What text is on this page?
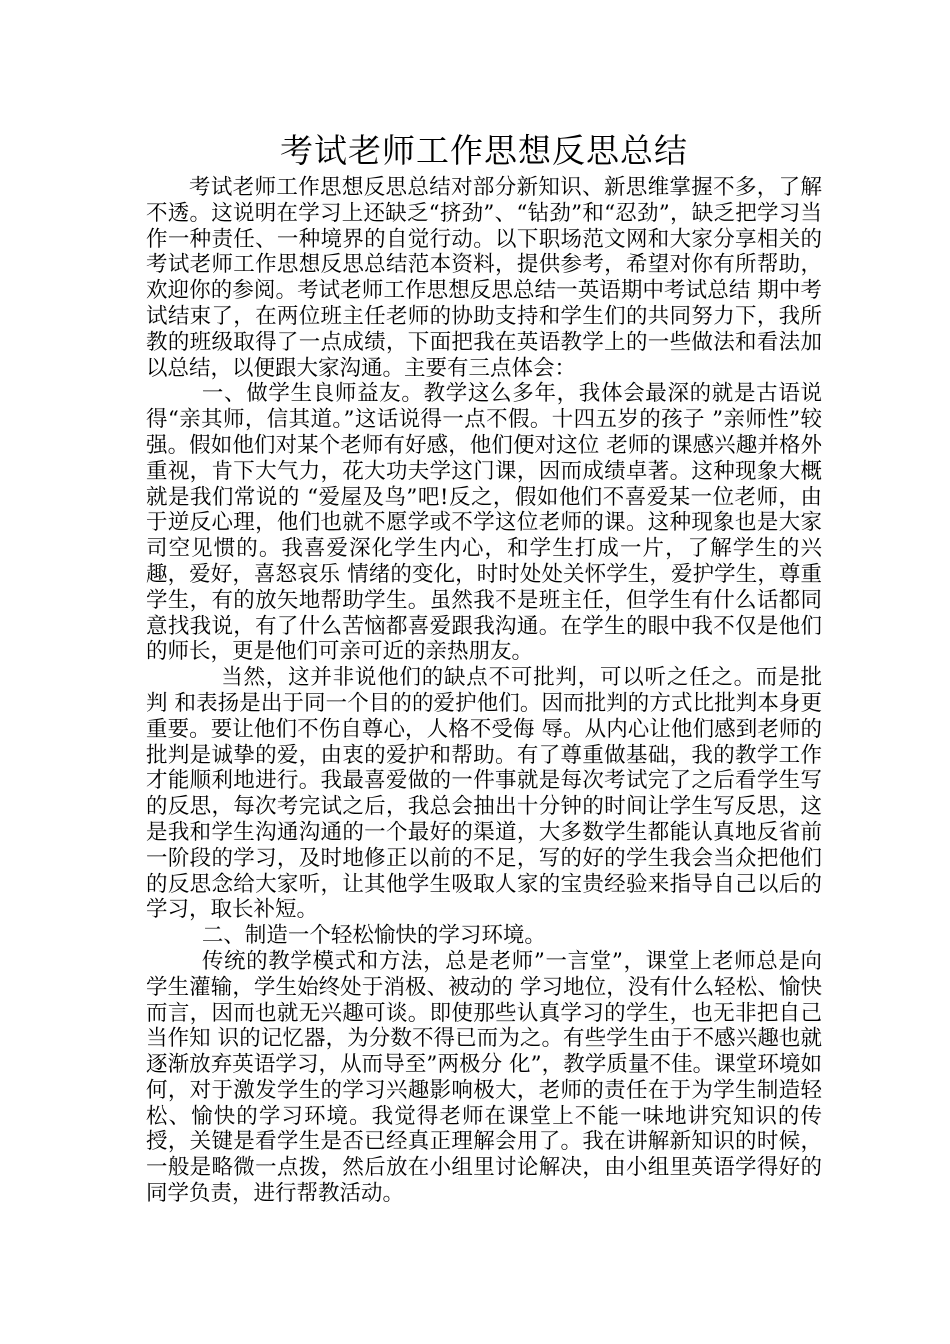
考试老师工作思想反思总结

考试老师工作思想反思总结对部分新知识、新思维掌握不多，了解不透。这说明在学习上还缺乏“挤劲”、“钻劲”和“忍劲”，缺乏把学习当作一种责任、一种境界的自觉行动。以下职场范文网和大家分享相关的考试老师工作思想反思总结范本资料，提供参考，希望对你有所帮助，欢迎你的参阅。考试老师工作思想反思总结一英语期中考试总结 期中考试结束了，在两位班主任老师的协助支持和学生们的共同努力下，我所教的班级取得了一点成绩，下面把我在英语教学上的一些做法和看法加以总结，以便跟大家沟通。主要有三点体会：

一、做学生良师益友。教学这么多年，我体会最深的就是古语说得“亲其师，信其道。”这话说得一点不假。十四五岁的孩子 ”亲师性”较强。假如他们对某个老师有好感，他们便对这位 老师的课感兴趣并格外重视，肯下大气力，花大功夫学这门课，因而成绩卓著。这种现象大概就是我们常说的 “爱屋及鸟”吧!反之，假如他们不喜爱某一位老师，由于逆反心理，他们也就不愿学或不学这位老师的课。这种现象也是大家司空见惯的。我喜爱深化学生内心，和学生打成一片，了解学生的兴趣，爱好，喜怒哀乐 情绪的变化，时时处处关怀学生，爱护学生，尊重学生，有的放矢地帮助学生。虽然我不是班主任，但学生有什么话都同意找我说，有了什么苦恼都喜爱跟我沟通。在学生的眼中我不仅是他们的师长，更是他们可亲可近的亲热朋友。

当然，这并非说他们的缺点不可批判，可以听之任之。而是批判 和表扬是出于同一个目的的爱护他们。因而批判的方式比批判本身更重要。要让他们不伤自尊心，人格不受侮 辱。从内心让他们感到老师的批判是诚挚的爱，由衷的爱护和帮助。有了尊重做基础，我的教学工作才能顺利地进行。我最喜爱做的一件事就是每次考试完了之后看学生写的反思，每次考完试之后，我总会抽出十分钟的时间让学生写反思，这是我和学生沟通沟通的一个最好的渠道，大多数学生都能认真地反省前一阶段的学习，及时地修正以前的不足，写的好的学生我会当众把他们的反思念给大家听，让其他学生吸取人家的宝贵经验来指导自己以后的学习，取长补短。

二、制造一个轻松愉快的学习环境。

传统的教学模式和方法，总是老师”一言堂”，课堂上老师总是向学生灌输，学生始终处于消极、被动的 学习地位，没有什么轻松、愉快而言，因而也就无兴趣可谈。即使那些认真学习的学生，也无非把自己当作知 识的记忆器，为分数不得已而为之。有些学生由于不感兴趣也就逐渐放弃英语学习，从而导至”两极分 化”，教学质量不佳。课堂环境如何，对于激发学生的学习兴趣影响极大，老师的责任在于为学生制造轻松、愉快的学习环境。我觉得老师在课堂上不能一味地讲究知识的传授，关键是看学生是否已经真正理解会用了。我在讲解新知识的时候，一般是略微一点拨，然后放在小组里讨论解决，由小组里英语学得好的同学负责，进行帮教活动。
